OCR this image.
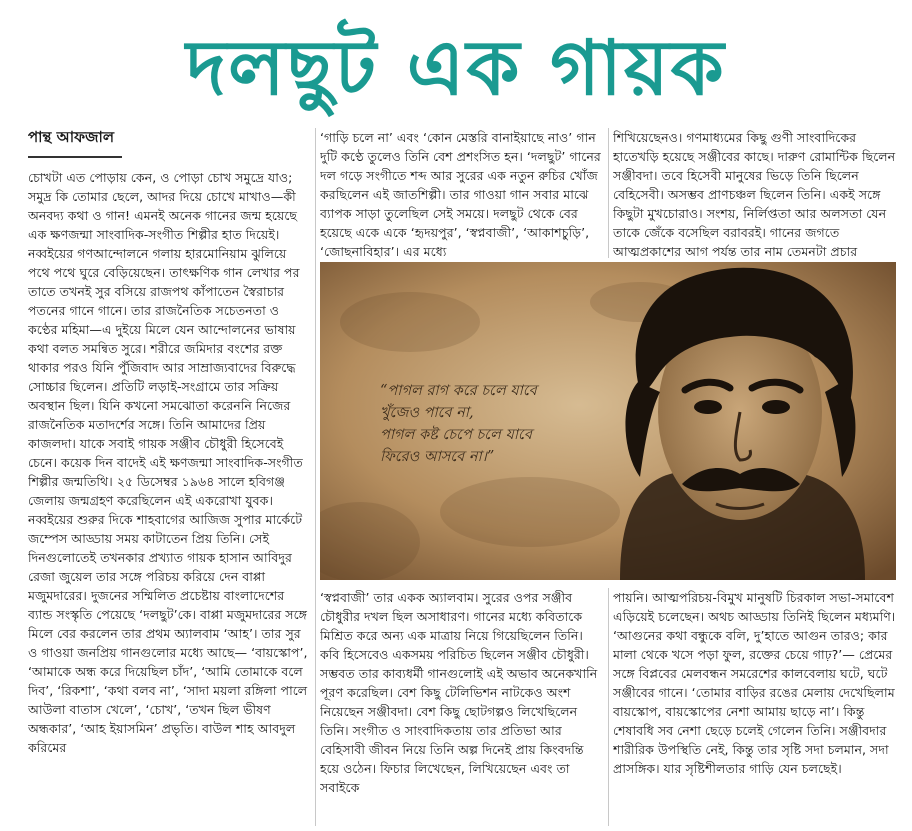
দলছুট এক গায়ক
পান্থ আফজাল

চোখটা এত পোড়ায় কেন, ও পোড়া চোখ সমুদ্রে যাও; সমুদ্র কি তোমার ছেলে, আদর দিয়ে চোখে মাখাও—কী অনবদ্য কথা ও গান! এমনই অনেক গানের জন্ম হয়েছে এক ক্ষণজন্মা সাংবাদিক-সংগীত শিল্পীর হাত দিয়েই। নব্বইয়ের গণআন্দোলনে গলায় হারমোনিয়াম ঝুলিয়ে পথে পথে ঘুরে বেড়িয়েছেন। তাৎক্ষণিক গান লেখার পর তাতে তখনই সুর বসিয়ে রাজপথ কাঁপাতেন স্বৈরাচার পতনের গানে গানে। তার রাজনৈতিক সচেতনতা ও কণ্ঠের মহিমা—এ দুইয়ে মিলে যেন আন্দোলনের ভাষায় কথা বলত সমন্বিত সুরে। শরীরে জমিদার বংশের রক্ত থাকার পরও যিনি পুঁজিবাদ আর সাম্রাজ্যবাদের বিরুদ্ধে সোচ্চার ছিলেন। প্রতিটি লড়াই-সংগ্রামে তার সক্রিয় অবস্থান ছিল। যিনি কখনো সমঝোতা করেননি নিজের রাজনৈতিক মতাদর্শের সঙ্গে। তিনি আমাদের প্রিয় কাজলদা। যাকে সবাই গায়ক সঞ্জীব চৌধুরী হিসেবেই চেনে। কয়েক দিন বাদেই এই ক্ষণজন্মা সাংবাদিক-সংগীত শিল্পীর জন্মতিথি। ২৫ ডিসেম্বর ১৯৬৪ সালে হবিগঞ্জ জেলায় জন্মগ্রহণ করেছিলেন এই একরোখা যুবক। নব্বইয়ের শুরুর দিকে শাহবাগের আজিজ সুপার মার্কেটে জম্পেস আড্ডায় সময় কাটাতেন প্রিয় তিনি। সেই দিনগুলোতেই তখনকার প্রখ্যাত গায়ক হাসান আবিদুর রেজা জুয়েল তার সঙ্গে পরিচয় করিয়ে দেন বাপ্পা মজুমদারের। দুজনের সম্মিলিত প্রচেষ্টায় বাংলাদেশের ব্যান্ড সংস্কৃতি পেয়েছে ‘দলছুট’কে। বাপ্পা মজুমদারের সঙ্গে মিলে বের করলেন তার প্রথম অ্যালবাম ‘আহ’। তার সুর ও গাওয়া জনপ্রিয় গানগুলোর মধ্যে আছে— ‘বায়স্কোপ’, ‘আমাকে অন্ধ করে দিয়েছিল চাঁদ’, ‘আমি তোমাকে বলে দিব’, ‘রিকশা’, ‘কথা বলব না’, ‘সাদা ময়লা রঙ্গিলা পালে আউলা বাতাস খেলে’, ‘চোখ’, ‘তখন ছিল ভীষণ অন্ধকার’, ‘আহ ইয়াসমিন’ প্রভৃতি। বাউল শাহ আবদুল করিমের

‘গাড়ি চলে না’ এবং ‘কোন মেস্তরি বানাইয়াছে নাও’ গান দুটি কণ্ঠে তুলেও তিনি বেশ প্রশংসিত হন। ‘দলছুট’ গানের দল গড়ে সংগীতে শব্দ আর সুরের এক নতুন রুচির খোঁজ করছিলেন এই জাতশিল্পী। তার গাওয়া গান সবার মাঝে ব্যাপক সাড়া তুলেছিল সেই সময়ে। দলছুট থেকে বের হয়েছে একে একে ‘হৃদয়পুর’, ‘স্বপ্নবাজী’, ‘আকাশচুড়ি’, ‘জোছনাবিহার’। এর মধ্যে

শিখিয়েছেনও। গণমাধ্যমের কিছু গুণী সাংবাদিকের হাতেখড়ি হয়েছে সঞ্জীবের কাছে। দারুণ রোমান্টিক ছিলেন সঞ্জীবদা। তবে হিসেবী মানুষের ভিড়ে তিনি ছিলেন বেহিসেবী। অসম্ভব প্রাণচঞ্চল ছিলেন তিনি। একই সঙ্গে কিছুটা মুখচোরাও। সংশয়, নির্লিপ্ততা আর অলসতা যেন তাকে জেঁকে বসেছিল বরাবরই। গানের জগতে আত্মপ্রকাশের আগ পর্যন্ত তার নাম তেমনটা প্রচার

“পাগল রাগ করে চলে যাবে
খুঁজেও পাবে না,
পাগল কষ্ট চেপে চলে যাবে
ফিরেও আসবে না।”

‘স্বপ্নবাজী’ তার একক অ্যালবাম। সুরের ওপর সঞ্জীব চৌধুরীর দখল ছিল অসাধারণ। গানের মধ্যে কবিতাকে মিশ্রিত করে অন্য এক মাত্রায় নিয়ে গিয়েছিলেন তিনি। কবি হিসেবেও একসময় পরিচিত ছিলেন সঞ্জীব চৌধুরী। সম্ভবত তার কাব্যধর্মী গানগুলোই এই অভাব অনেকখানি পূরণ করেছিল। বেশ কিছু টেলিভিশন নাটকেও অংশ নিয়েছেন সঞ্জীবদা। বেশ কিছু ছোটগল্পও লিখেছিলেন তিনি। সংগীত ও সাংবাদিকতায় তার প্রতিভা আর বেহিসাবী জীবন নিয়ে তিনি অল্প দিনেই প্রায় কিংবদন্তি হয়ে ওঠেন। ফিচার লিখেছেন, লিখিয়েছেন এবং তা সবাইকে

পায়নি। আত্মপরিচয়-বিমুখ মানুষটি চিরকাল সভা-সমাবেশ এড়িয়েই চলেছেন। অথচ আড্ডায় তিনিই ছিলেন মধ্যমণি। ‘আগুনের কথা বন্ধুকে বলি, দু’হাতে আগুন তারও; কার মালা থেকে খসে পড়া ফুল, রক্তের চেয়ে গাঢ়?’— প্রেমের সঙ্গে বিপ্লবের মেলবন্ধন সমরেশের কালবেলায় ঘটে, ঘটে সঞ্জীবের গানে। ‘তোমার বাড়ির রঙের মেলায় দেখেছিলাম বায়স্কোপ, বায়স্কোপের নেশা আমায় ছাড়ে না’। কিন্তু শেষাবধি সব নেশা ছেড়ে চলেই গেলেন তিনি। সঞ্জীবদার শারীরিক উপস্থিতি নেই, কিন্তু তার সৃষ্টি সদা চলমান, সদা প্রাসঙ্গিক। যার সৃষ্টিশীলতার গাড়ি যেন চলছেই।
